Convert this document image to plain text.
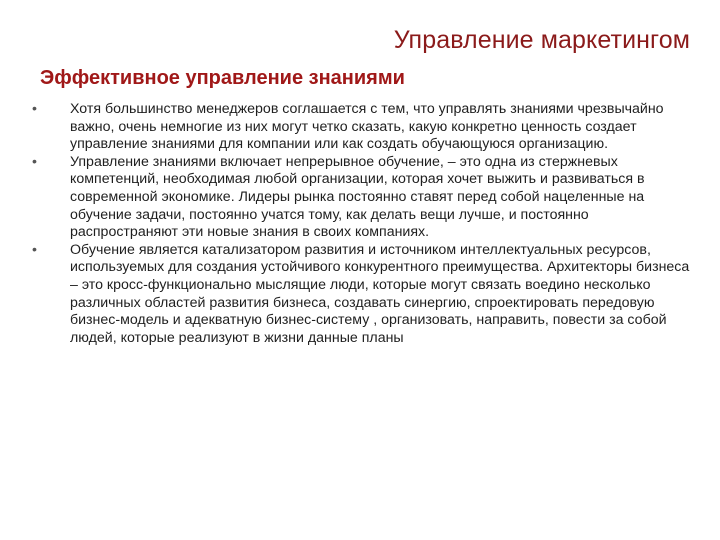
Управление маркетингом
Эффективное управление знаниями
• Хотя большинство менеджеров соглашается с тем, что управлять знаниями чрезвычайно важно, очень немногие из них могут четко сказать, какую конкретно ценность создает управление знаниями для компании или как создать обучающуюся организацию.
• Управление знаниями включает непрерывное обучение, – это одна из стержневых компетенций, необходимая любой организации, которая хочет выжить и развиваться в современной экономике. Лидеры рынка постоянно ставят перед собой нацеленные на обучение задачи, постоянно учатся тому, как делать вещи лучше, и постоянно распространяют эти новые знания в своих компаниях.
• Обучение является катализатором развития и источником интеллектуальных ресурсов, используемых для создания устойчивого конкурентного преимущества. Архитекторы бизнеса – это кросс-функционально мыслящие люди, которые могут связать воедино несколько различных областей развития бизнеса, создавать синергию, спроектировать передовую бизнес-модель и адекватную бизнес-систему , организовать, направить, повести за собой людей, которые реализуют в жизни данные планы
